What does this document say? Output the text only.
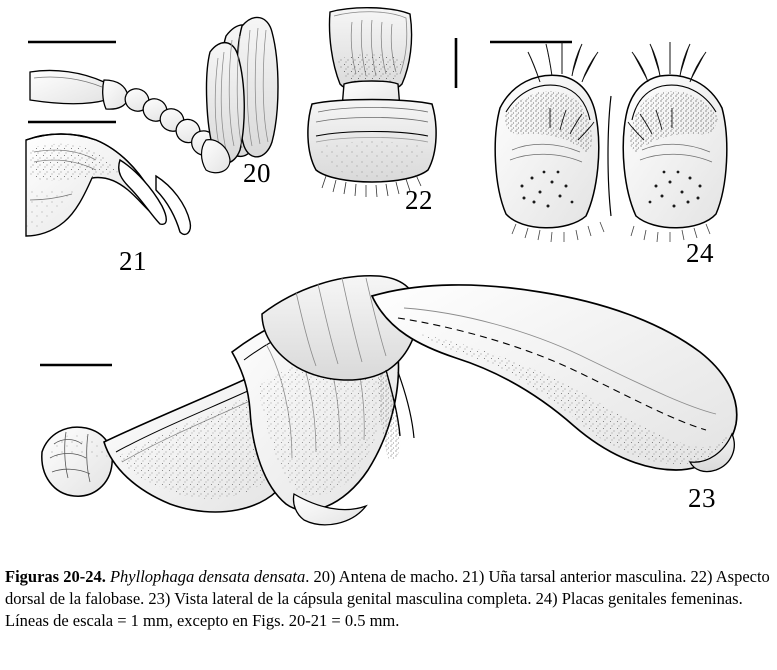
20
21
22
23
24
Figuras 20-24. Phyllophaga densata densata. 20) Antena de macho. 21) Uña tarsal anterior masculina. 22) Aspecto dorsal de la falobase. 23) Vista lateral de la cápsula genital masculina completa. 24) Placas genitales femeninas. Líneas de escala = 1 mm, excepto en Figs. 20-21 = 0.5 mm.
